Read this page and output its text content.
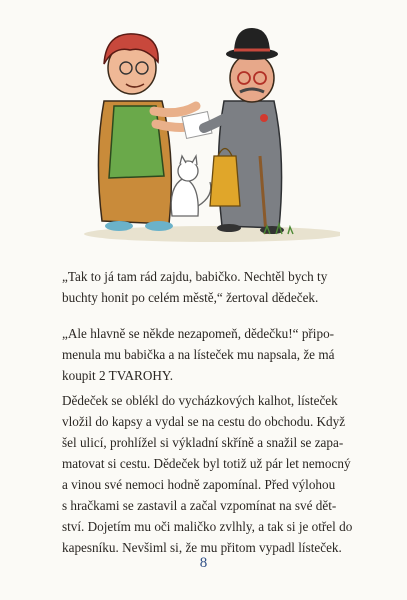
„Tak to já tam rád zajdu, babičko. Nechtěl bych ty
buchty honit po celém městě,“ žertoval dědeček.
„Ale hlavně se někde nezapomeň, dědečku!“ připo-
menula mu babička a na lísteček mu napsala, že má
koupit 2 TVAROHY.
Dědeček se oblékl do vycházkových kalhot, lísteček
vložil do kapsy a vydal se na cestu do obchodu. Když
šel ulicí, prohlížel si výkladní skříně a snažil se zapa-
matovat si cestu. Dědeček byl totiž už pár let nemocný
a vinou své nemoci hodně zapomínal. Před výlohou
s hračkami se zastavil a začal vzpomínat na své dět-
ství. Dojetím mu oči maličko zvlhly, a tak si je otřel do
kapesníku. Nevšiml si, že mu přitom vypadl lísteček.
8
